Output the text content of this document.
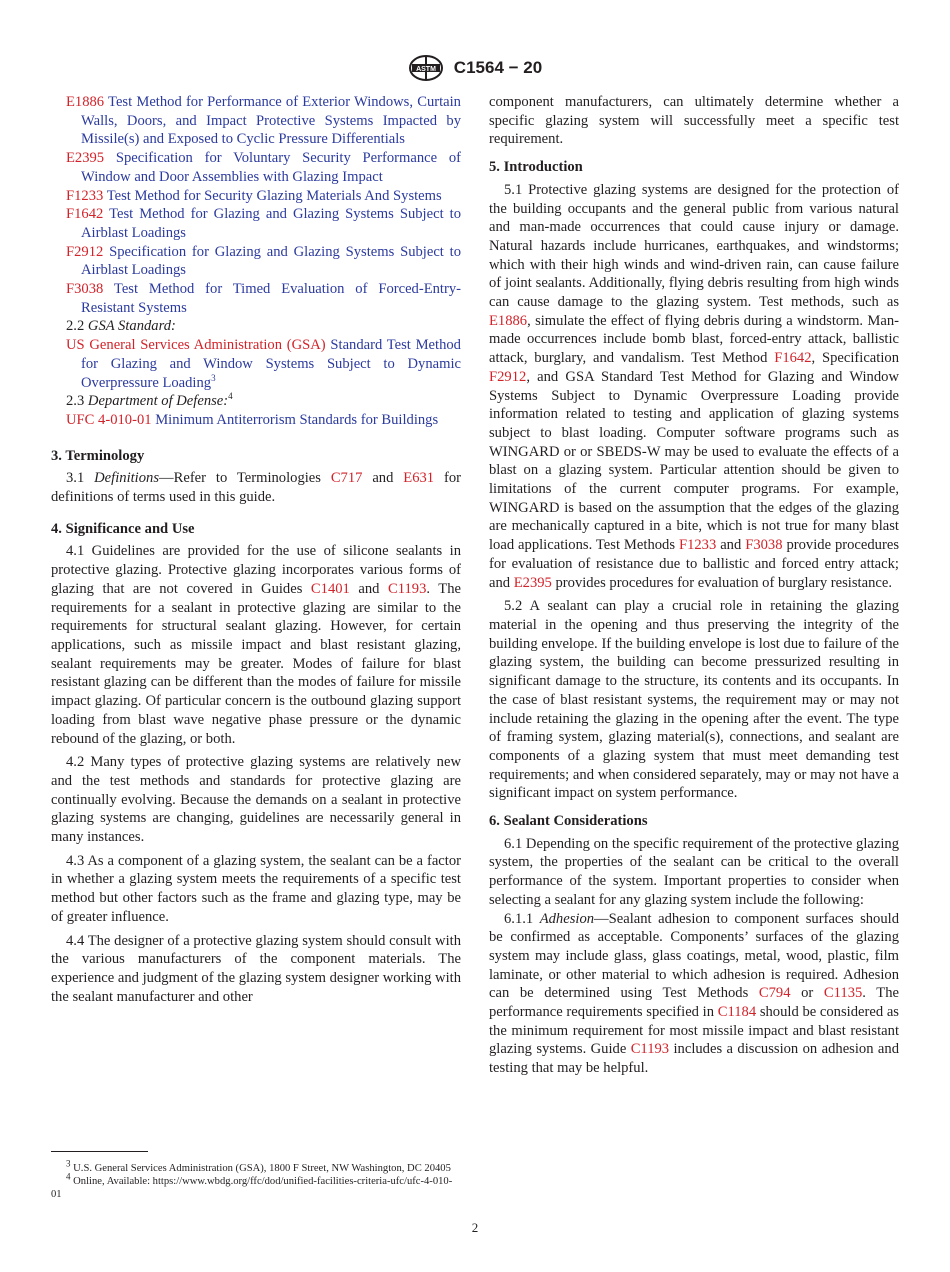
ASTM C1564 − 20

E1886 Test Method for Performance of Exterior Windows, Curtain Walls, Doors, and Impact Protective Systems Impacted by Missile(s) and Exposed to Cyclic Pressure Differentials

E2395 Specification for Voluntary Security Performance of Window and Door Assemblies with Glazing Impact

F1233 Test Method for Security Glazing Materials And Systems

F1642 Test Method for Glazing and Glazing Systems Subject to Airblast Loadings

F2912 Specification for Glazing and Glazing Systems Subject to Airblast Loadings

F3038 Test Method for Timed Evaluation of Forced-Entry-Resistant Systems

2.2 GSA Standard:

US General Services Administration (GSA) Standard Test Method for Glazing and Window Systems Subject to Dynamic Overpressure Loading$^3$

2.3 Department of Defense:$^4$

UFC 4-010-01 Minimum Antiterrorism Standards for Buildings

3. Terminology

3.1 Definitions—Refer to Terminologies C717 and E631 for definitions of terms used in this guide.

4. Significance and Use

4.1 Guidelines are provided for the use of silicone sealants in protective glazing. Protective glazing incorporates various forms of glazing that are not covered in Guides C1401 and C1193. The requirements for a sealant in protective glazing are similar to the requirements for structural sealant glazing. However, for certain applications, such as missile impact and blast resistant glazing, sealant requirements may be greater. Modes of failure for blast resistant glazing can be different than the modes of failure for missile impact glazing. Of particular concern is the outbound glazing support loading from blast wave negative phase pressure or the dynamic rebound of the glazing, or both.

4.2 Many types of protective glazing systems are relatively new and the test methods and standards for protective glazing are continually evolving. Because the demands on a sealant in protective glazing systems are changing, guidelines are necessarily general in many instances.

4.3 As a component of a glazing system, the sealant can be a factor in whether a glazing system meets the requirements of a specific test method but other factors such as the frame and glazing type, may be of greater influence.

4.4 The designer of a protective glazing system should consult with the various manufacturers of the component materials. The experience and judgment of the glazing system designer working with the sealant manufacturer and other

$^3$ U.S. General Services Administration (GSA), 1800 F Street, NW Washington, DC 20405

$^4$ Online, Available: https://www.wbdg.org/ffc/dod/unified-facilities-criteria-ufc/ufc-4-010-01

component manufacturers, can ultimately determine whether a specific glazing system will successfully meet a specific test requirement.

5. Introduction

5.1 Protective glazing systems are designed for the protection of the building occupants and the general public from various natural and man-made occurrences that could cause injury or damage. Natural hazards include hurricanes, earthquakes, and windstorms; which with their high winds and wind-driven rain, can cause failure of joint sealants. Additionally, flying debris resulting from high winds can cause damage to the glazing system. Test methods, such as E1886, simulate the effect of flying debris during a windstorm. Man-made occurrences include bomb blast, forced-entry attack, ballistic attack, burglary, and vandalism. Test Method F1642, Specification F2912, and GSA Standard Test Method for Glazing and Window Systems Subject to Dynamic Overpressure Loading provide information related to testing and application of glazing systems subject to blast loading. Computer software programs such as WINGARD or or SBEDS-W may be used to evaluate the effects of a blast on a glazing system. Particular attention should be given to limitations of the current computer programs. For example, WINGARD is based on the assumption that the edges of the glazing are mechanically captured in a bite, which is not true for many blast load applications. Test Methods F1233 and F3038 provide procedures for evaluation of resistance due to ballistic and forced entry attack; and E2395 provides procedures for evaluation of burglary resistance.

5.2 A sealant can play a crucial role in retaining the glazing material in the opening and thus preserving the integrity of the building envelope. If the building envelope is lost due to failure of the glazing system, the building can become pressurized resulting in significant damage to the structure, its contents and its occupants. In the case of blast resistant systems, the requirement may or may not include retaining the glazing in the opening after the event. The type of framing system, glazing material(s), connections, and sealant are components of a glazing system that must meet demanding test requirements; and when considered separately, may or may not have a significant impact on system performance.

6. Sealant Considerations

6.1 Depending on the specific requirement of the protective glazing system, the properties of the sealant can be critical to the overall performance of the system. Important properties to consider when selecting a sealant for any glazing system include the following:

6.1.1 Adhesion—Sealant adhesion to component surfaces should be confirmed as acceptable. Components’ surfaces of the glazing system may include glass, glass coatings, metal, wood, plastic, film laminate, or other material to which adhesion is required. Adhesion can be determined using Test Methods C794 or C1135. The performance requirements specified in C1184 should be considered as the minimum requirement for most missile impact and blast resistant glazing systems. Guide C1193 includes a discussion on adhesion and testing that may be helpful.

2
